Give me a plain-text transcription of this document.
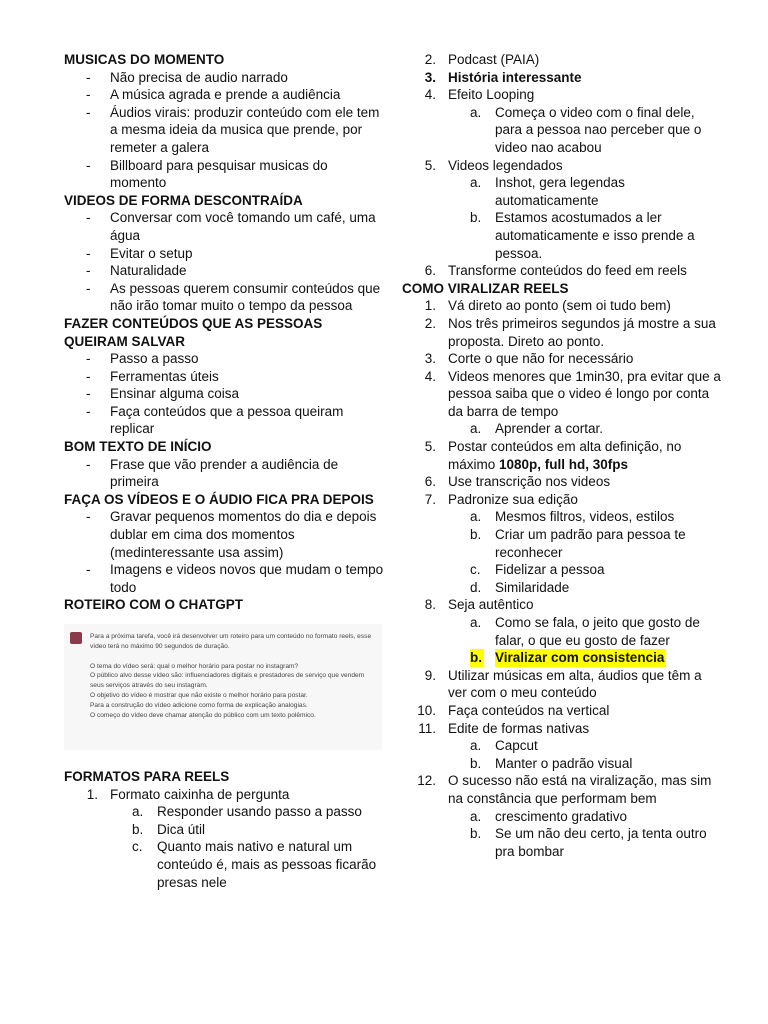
MUSICAS DO MOMENTO
- Não precisa de audio narrado
- A música agrada e prende a audiência
- Áudios virais: produzir conteúdo com ele tem a mesma ideia da musica que prende, por remeter a galera
- Billboard para pesquisar musicas do momento
VIDEOS DE FORMA DESCONTRAÍDA
- Conversar com você tomando um café, uma água
- Evitar o setup
- Naturalidade
- As pessoas querem consumir conteúdos que não irão tomar muito o tempo da pessoa
FAZER CONTEÚDOS QUE AS PESSOAS QUEIRAM SALVAR
- Passo a passo
- Ferramentas úteis
- Ensinar alguma coisa
- Faça conteúdos que a pessoa queiram replicar
BOM TEXTO DE INÍCIO
- Frase que vão prender a audiência de primeira
FAÇA OS VÍDEOS E O ÁUDIO FICA PRA DEPOIS
- Gravar pequenos momentos do dia e depois dublar em cima dos momentos (medinteressante usa assim)
- Imagens e videos novos que mudam o tempo todo
ROTEIRO COM O CHATGPT
Para a próxima tarefa, você irá desenvolver um roteiro para um conteúdo no formato reels, esse vídeo terá no máximo 90 segundos de duração.
O tema do vídeo será: qual o melhor horário para postar no instagram?
O público alvo desse vídeo são: influenciadores digitais e prestadores de serviço que vendem seus serviços através do seu instagram.
O objetivo do vídeo é mostrar que não existe o melhor horário para postar.
Para a construção do vídeo adicione como forma de explicação analogias.
O começo do vídeo deve chamar atenção do público com um texto polêmico.
FORMATOS PARA REELS
1. Formato caixinha de pergunta
a. Responder usando passo a passo
b. Dica útil
c. Quanto mais nativo e natural um conteúdo é, mais as pessoas ficarão presas nele
2. Podcast (PAIA)
3. História interessante
4. Efeito Looping
a. Começa o video com o final dele, para a pessoa nao perceber que o video nao acabou
5. Videos legendados
a. Inshot, gera legendas automaticamente
b. Estamos acostumados a ler automaticamente e isso prende a pessoa.
6. Transforme conteúdos do feed em reels
COMO VIRALIZAR REELS
1. Vá direto ao ponto (sem oi tudo bem)
2. Nos três primeiros segundos já mostre a sua proposta. Direto ao ponto.
3. Corte o que não for necessário
4. Videos menores que 1min30, pra evitar que a pessoa saiba que o video é longo por conta da barra de tempo
a. Aprender a cortar.
5. Postar conteúdos em alta definição, no máximo 1080p, full hd, 30fps
6. Use transcrição nos videos
7. Padronize sua edição
a. Mesmos filtros, videos, estilos
b. Criar um padrão para pessoa te reconhecer
c. Fidelizar a pessoa
d. Similaridade
8. Seja autêntico
a. Como se fala, o jeito que gosto de falar, o que eu gosto de fazer
b. Viralizar com consistencia
9. Utilizar músicas em alta, áudios que têm a ver com o meu conteúdo
10. Faça conteúdos na vertical
11. Edite de formas nativas
a. Capcut
b. Manter o padrão visual
12. O sucesso não está na viralização, mas sim na constância que performam bem
a. crescimento gradativo
b. Se um não deu certo, ja tenta outro pra bombar
